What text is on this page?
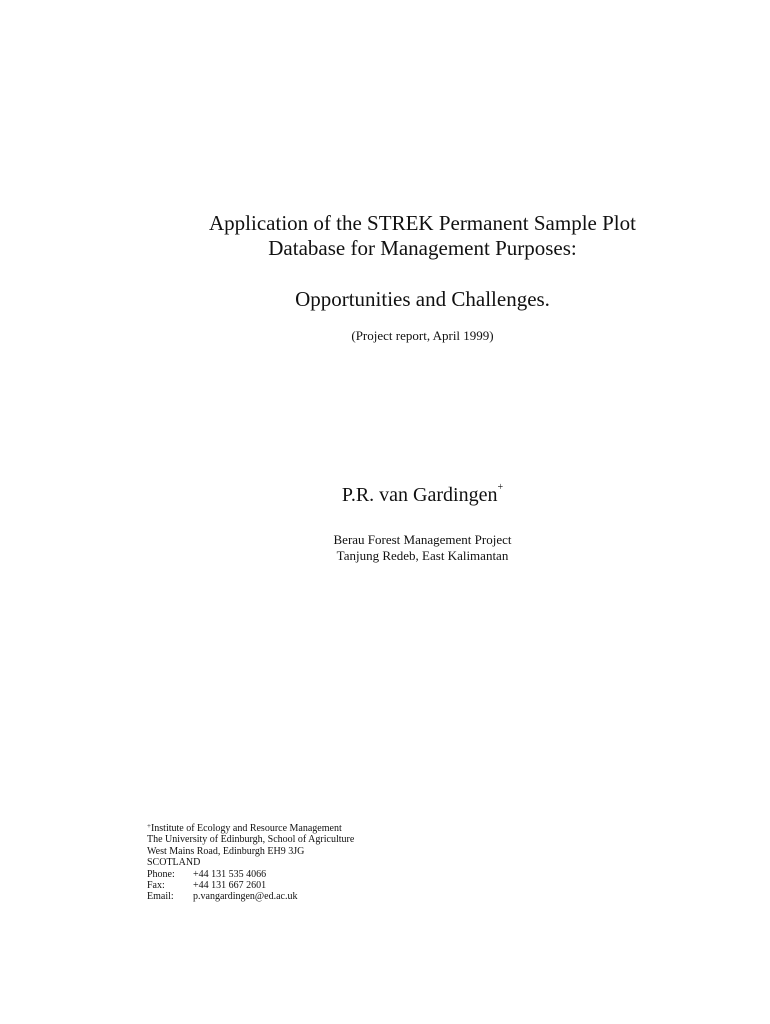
Application of the STREK Permanent Sample Plot

Database for Management Purposes:

Opportunities and Challenges.
(Project report, April 1999)
P.R. van Gardingen+
Berau Forest Management Project
Tanjung Redeb, East Kalimantan
+Institute of Ecology and Resource Management
The University of Edinburgh, School of Agriculture
West Mains Road, Edinburgh EH9 3JG
SCOTLAND
Phone:	+44 131 535 4066
Fax:	+44 131 667 2601
Email:	p.vangardingen@ed.ac.uk
